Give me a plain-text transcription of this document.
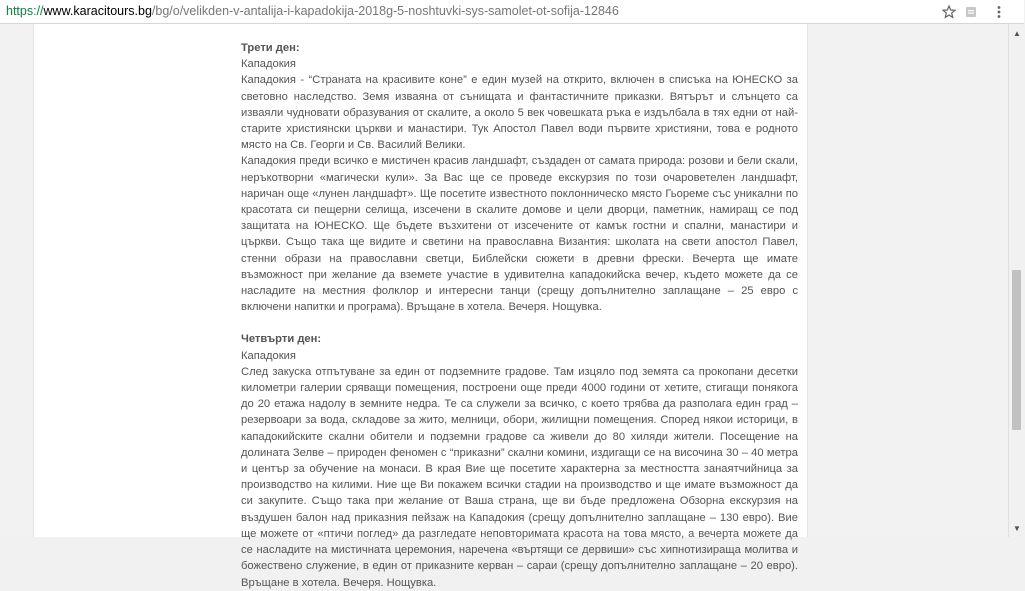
https://www.karacitours.bg/bg/o/velikden-v-antalija-i-kapadokija-2018g-5-noshtuvki-sys-samolet-ot-sofija-12846

Трети ден:

Кападокия

Кападокия - “Страната на красивите коне” е един музей на открито, включен в списъка на ЮНЕСКО за световно наследство. Земя изваяна от сънищата и фантастичните приказки. Вятърът и слънцето са изваяли чудновати образувания от скалите, а около 5 век човешката ръка е издълбала в тях едни от най-старите християнски църкви и манастири. Тук Апостол Павел води първите християни, това е родното място на Св. Георги и Св. Василий Велики.

Кападокия преди всичко е мистичен красив ландшафт, създаден от самата природа: розови и бели скали, неръкотворни «магически кули». За Вас ще се проведе екскурзия по този очароветелен ландшафт, наричан още «лунен ландшафт». Ще посетите известното поклонническо място Гьореме със уникални по красотата си пещерни селища, изсечени в скалите домове и цели дворци, паметник, намиращ се под защитата на ЮНЕСКО. Ще бъдете възхитени от изсечените от камък гостни и спални, манастири и църкви. Също така ще видите и светини на православна Византия: школата на свети апостол Павел, стенни образи на православни светци, Библейски сюжети в древни фрески. Вечерта ще имате възможност при желание да вземете участие в удивителна кападокийска вечер, където можете да се насладите на местния фолклор и интересни танци (срещу допълнително заплащане – 25 евро с включени напитки и програма). Връщане в хотела. Вечеря. Нощувка.

Четвърти ден:

Кападокия

След закуска отпътуване за един от подземните градове. Там изцяло под земята са прокопани десетки километри галерии сряващи помещения, построени още преди 4000 години от хетите, стигащи понякога до 20 етажа надолу в земните недра. Те са служели за всичко, с което трябва да разполага един град – резервоари за вода, складове за жито, мелници, обори, жилищни помещения. Според някои историци, в кападокийските скални обители и подземни градове са живели до 80 хиляди жители. Посещение на долината Зелве – природен феномен с “приказни” скални комини, издигащи се на височина 30 – 40 метра и център за обучение на монаси. В края Вие ще посетите характерна за местността занаятчийница за производство на килими. Ние ще Ви покажем всички стадии на производство и ще имате възможност да си закупите. Също така при желание от Ваша страна, ще ви бъде предложена Обзорна екскурзия на въздушен балон над приказния пейзаж на Кападокия (срещу допълнително заплащане – 130 евро). Вие ще можете от «птичи поглед» да разгледате неповторимата красота на това място, а вечерта можете да се насладите на мистичната церемония, наречена «въртящи се дервиши» със хипнотизираща молитва и божествено служение, в един от приказните керван – сараи (срещу допълнително заплащане – 20 евро). Връщане в хотела. Вечеря. Нощувка.

▲
▼
